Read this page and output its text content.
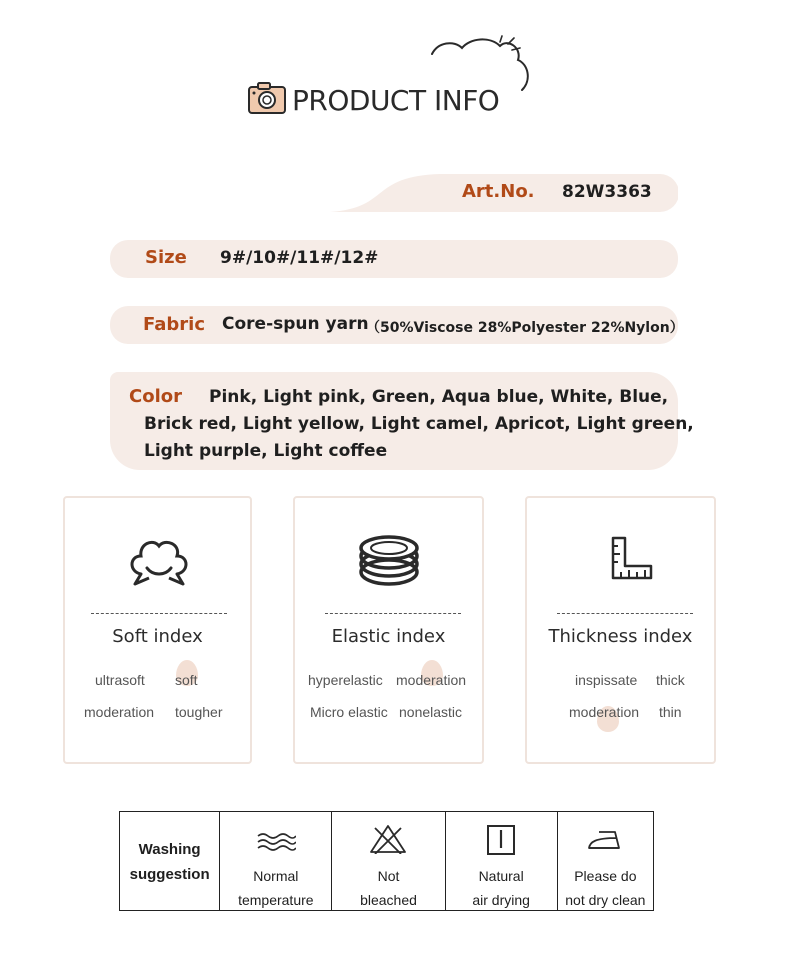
PRODUCT INFO
Art.No. 82W3363
Size 9#/10#/11#/12#
Fabric Core-spun yarn
（50%Viscose 28%Polyester 22%Nylon）
Color Pink, Light pink, Green, Aqua blue, White, Blue,
Brick red, Light yellow, Light camel, Apricot, Light green,
Light purple, Light coffee
Soft index
ultrasoft soft
moderation tougher
Elastic index
hyperelastic moderation
Micro elastic nonelastic
Thickness index
inspissate thick
moderation thin
Washing
suggestion	Normal
temperature
Not
bleached
Natural
air drying
Please do
not dry clean
